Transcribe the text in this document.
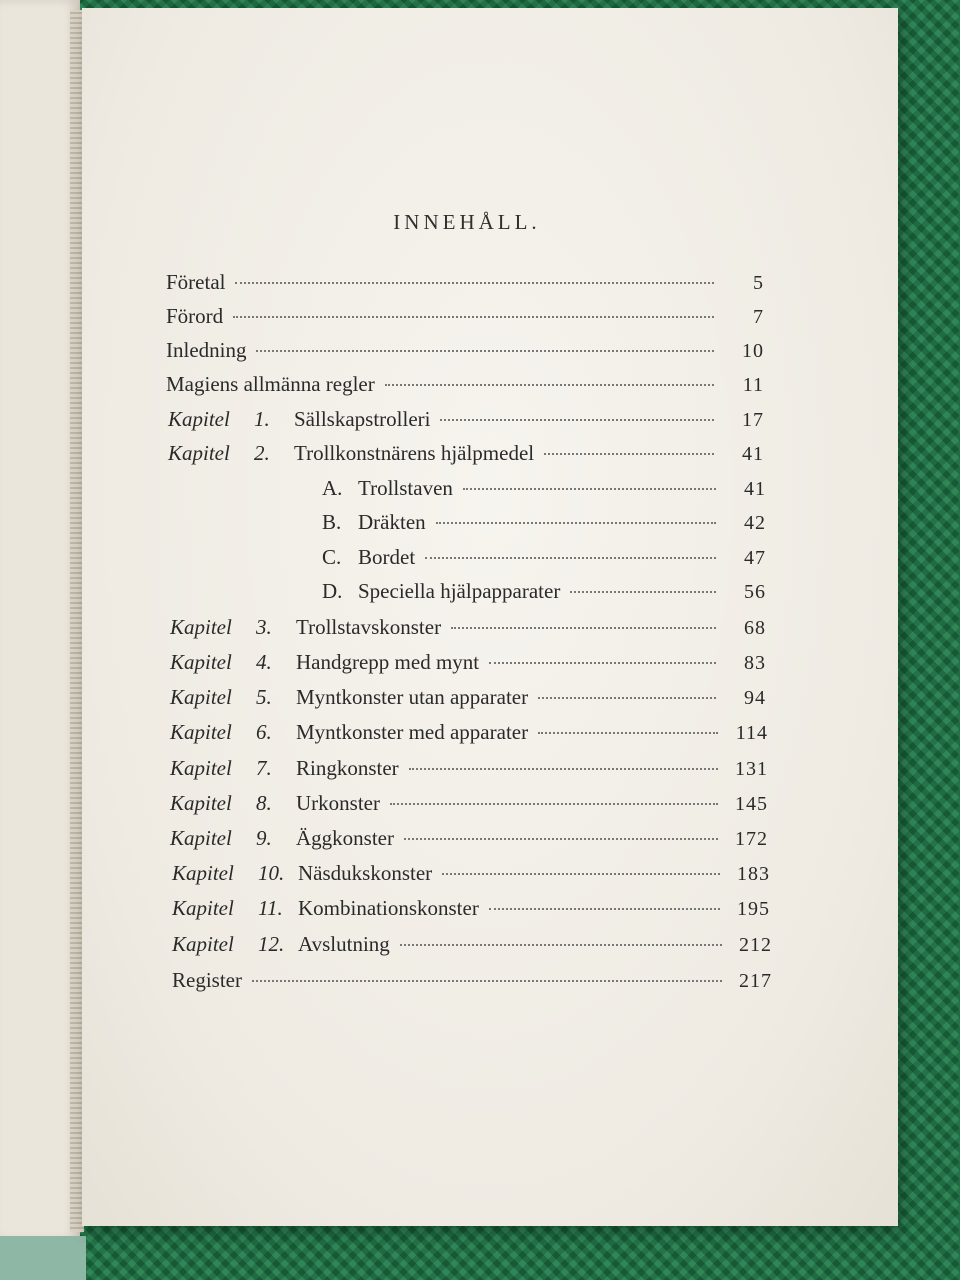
INNEHÅLL.
Företal	5
Förord	7
Inledning	10
Magiens allmänna regler	11
Kapitel	1.	Sällskapstrolleri	17
Kapitel	2.	Trollkonstnärens hjälpmedel	41
A. Trollstaven	41
B. Dräkten	42
C. Bordet	47
D. Speciella hjälpapparater	56
Kapitel	3.	Trollstavskonster	68
Kapitel	4.	Handgrepp med mynt	83
Kapitel	5.	Myntkonster utan apparater	94
Kapitel	6.	Myntkonster med apparater	114
Kapitel	7.	Ringkonster	131
Kapitel	8.	Urkonster	145
Kapitel	9.	Äggkonster	172
Kapitel	10. Näsdukskonster	183
Kapitel	11. Kombinationskonster	195
Kapitel	12. Avslutning	212
Register	217
